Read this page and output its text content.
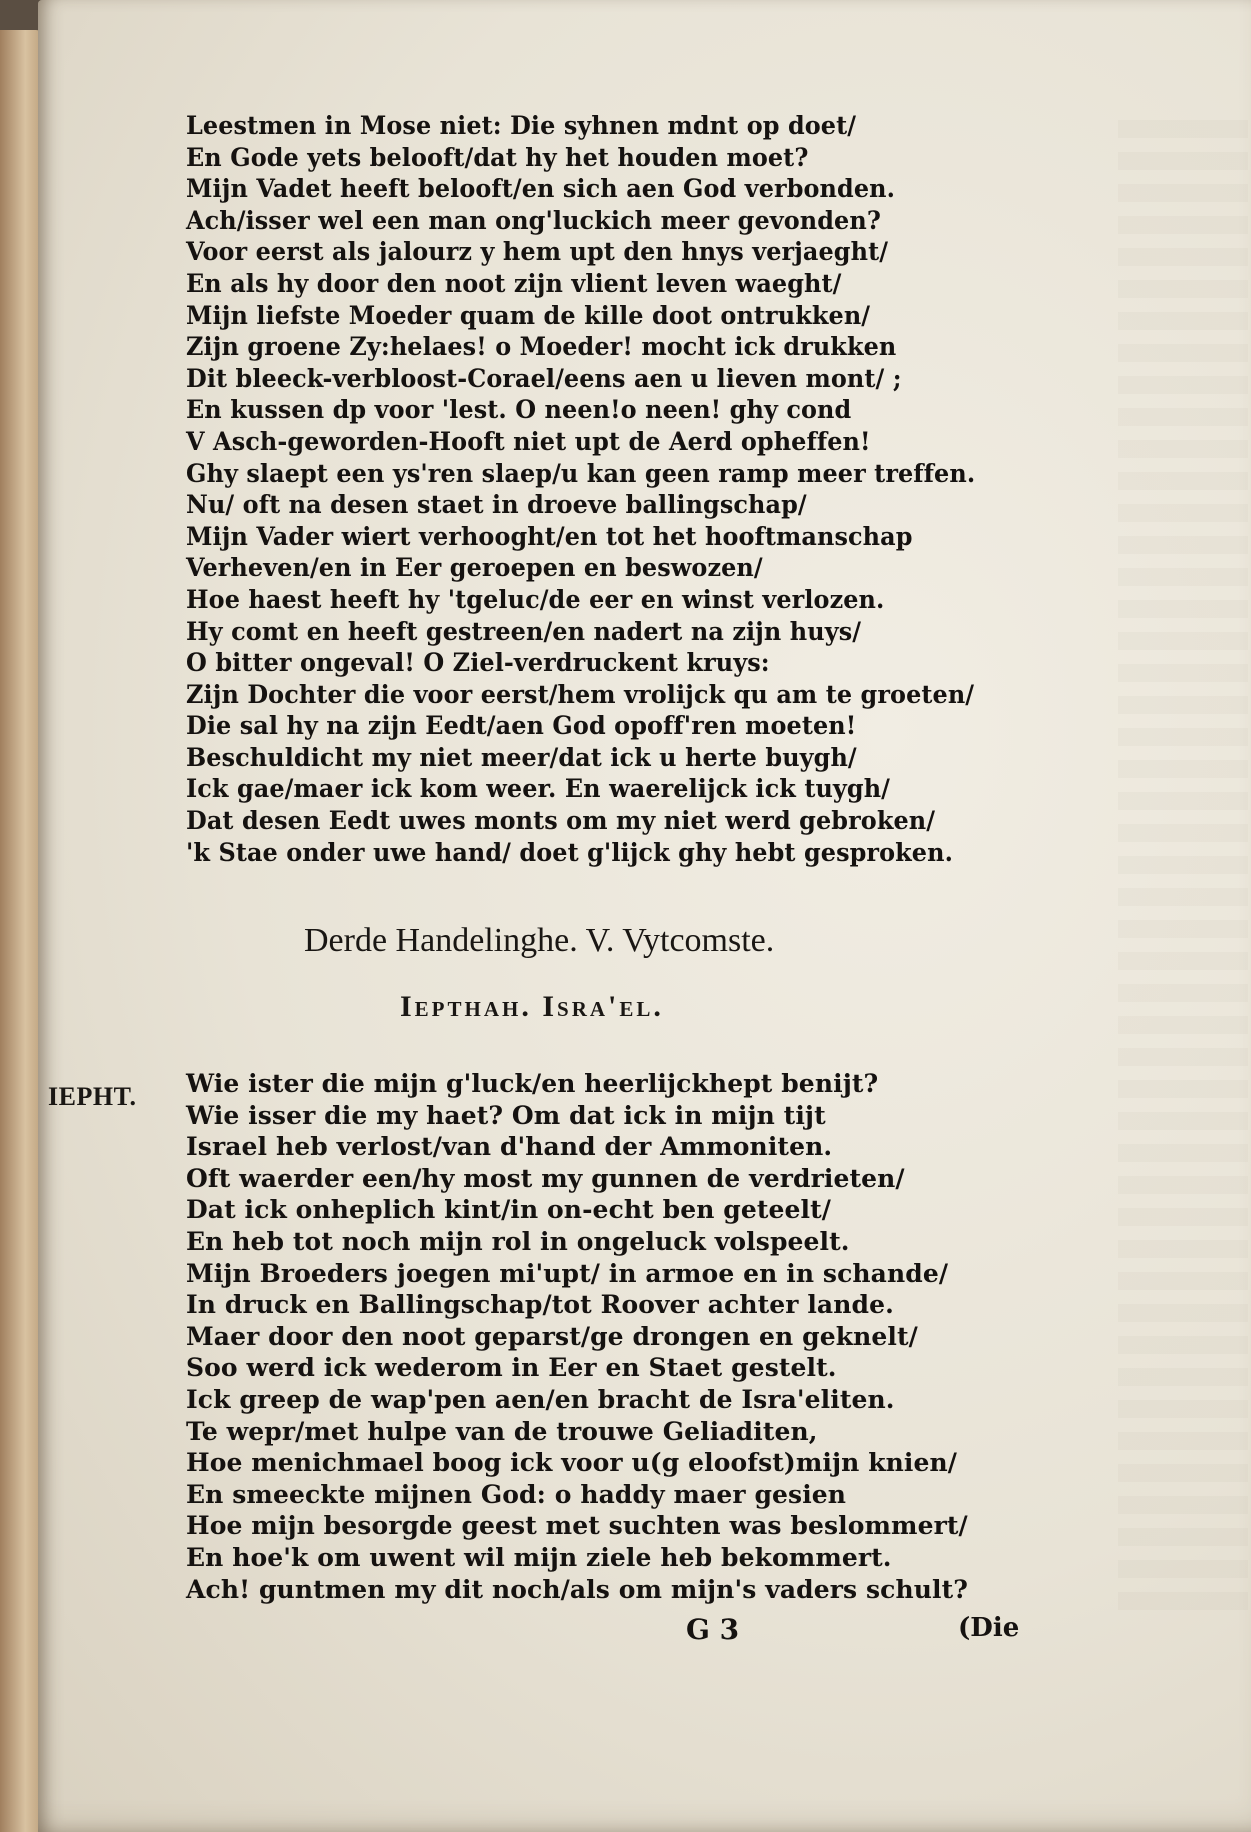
Leestmen in Mose niet: Die syhnen mdnt op doet/
En Gode yets belooft/dat hy het houden moet?
Mijn Vadet heeft belooft/en sich aen God verbonden.
Ach/isser wel een man ong'luckich meer gevonden?
Voor eerst als jalourz y hem upt den hnys verjaeght/
En als hy door den noot zijn vlient leven waeght/
Mijn liefste Moeder quam de kille doot ontrukken/
Zijn groene Zy:helaes! o Moeder! mocht ick drukken
Dit bleeck-verbloost-Corael/eens aen u lieven mont/ ;
En kussen dp voor 'lest. O neen!o neen! ghy cond
V Asch-geworden-Hooft niet upt de Aerd opheffen!
Ghy slaept een ys'ren slaep/u kan geen ramp meer treffen.
Nu/ oft na desen staet in droeve ballingschap/
Mijn Vader wiert verhooght/en tot het hooftmanschap
Verheven/en in Eer geroepen en beswozen/
Hoe haest heeft hy 'tgeluc/de eer en winst verlozen.
Hy comt en heeft gestreen/en nadert na zijn huys/
O bitter ongeval! O Ziel-verdruckent kruys:
Zijn Dochter die voor eerst/hem vrolijck qu am te groeten/
Die sal hy na zijn Eedt/aen God opoff'ren moeten!
Beschuldicht my niet meer/dat ick u herte buygh/
Ick gae/maer ick kom weer. En waerelijck ick tuygh/
Dat desen Eedt uwes monts om my niet werd gebroken/
'k Stae onder uwe hand/ doet g'lijck ghy hebt gesproken.
Derde Handelinghe. V. Vytcomste.
Iepthah. Isra'el.
IEPHT. Wie ister die mijn g'luck/en heerlijckhept benijt?
Wie isser die my haet? Om dat ick in mijn tijt
Israel heb verlost/van d'hand der Ammoniten.
Oft waerder een/hy most my gunnen de verdrieten/
Dat ick onheplich kint/in on-echt ben geteelt/
En heb tot noch mijn rol in ongeluck volspeelt.
Mijn Broeders joegen mi'upt/ in armoe en in schande/
In druck en Ballingschap/tot Roover achter lande.
Maer door den noot geparst/ge drongen en geknelt/
Soo werd ick wederom in Eer en Staet gestelt.
Ick greep de wap'pen aen/en bracht de Isra'eliten.
Te wepr/met hulpe van de trouwe Geliaditen,
Hoe menichmael boog ick voor u(g eloofst)mijn knien/
En smeeckte mijnen God: o haddy maer gesien
Hoe mijn besorgde geest met suchten was beslommert/
En hoe'k om uwent wil mijn ziele heb bekommert.
Ach! guntmen my dit noch/als om mijn's vaders schult?
G 3	(Die
